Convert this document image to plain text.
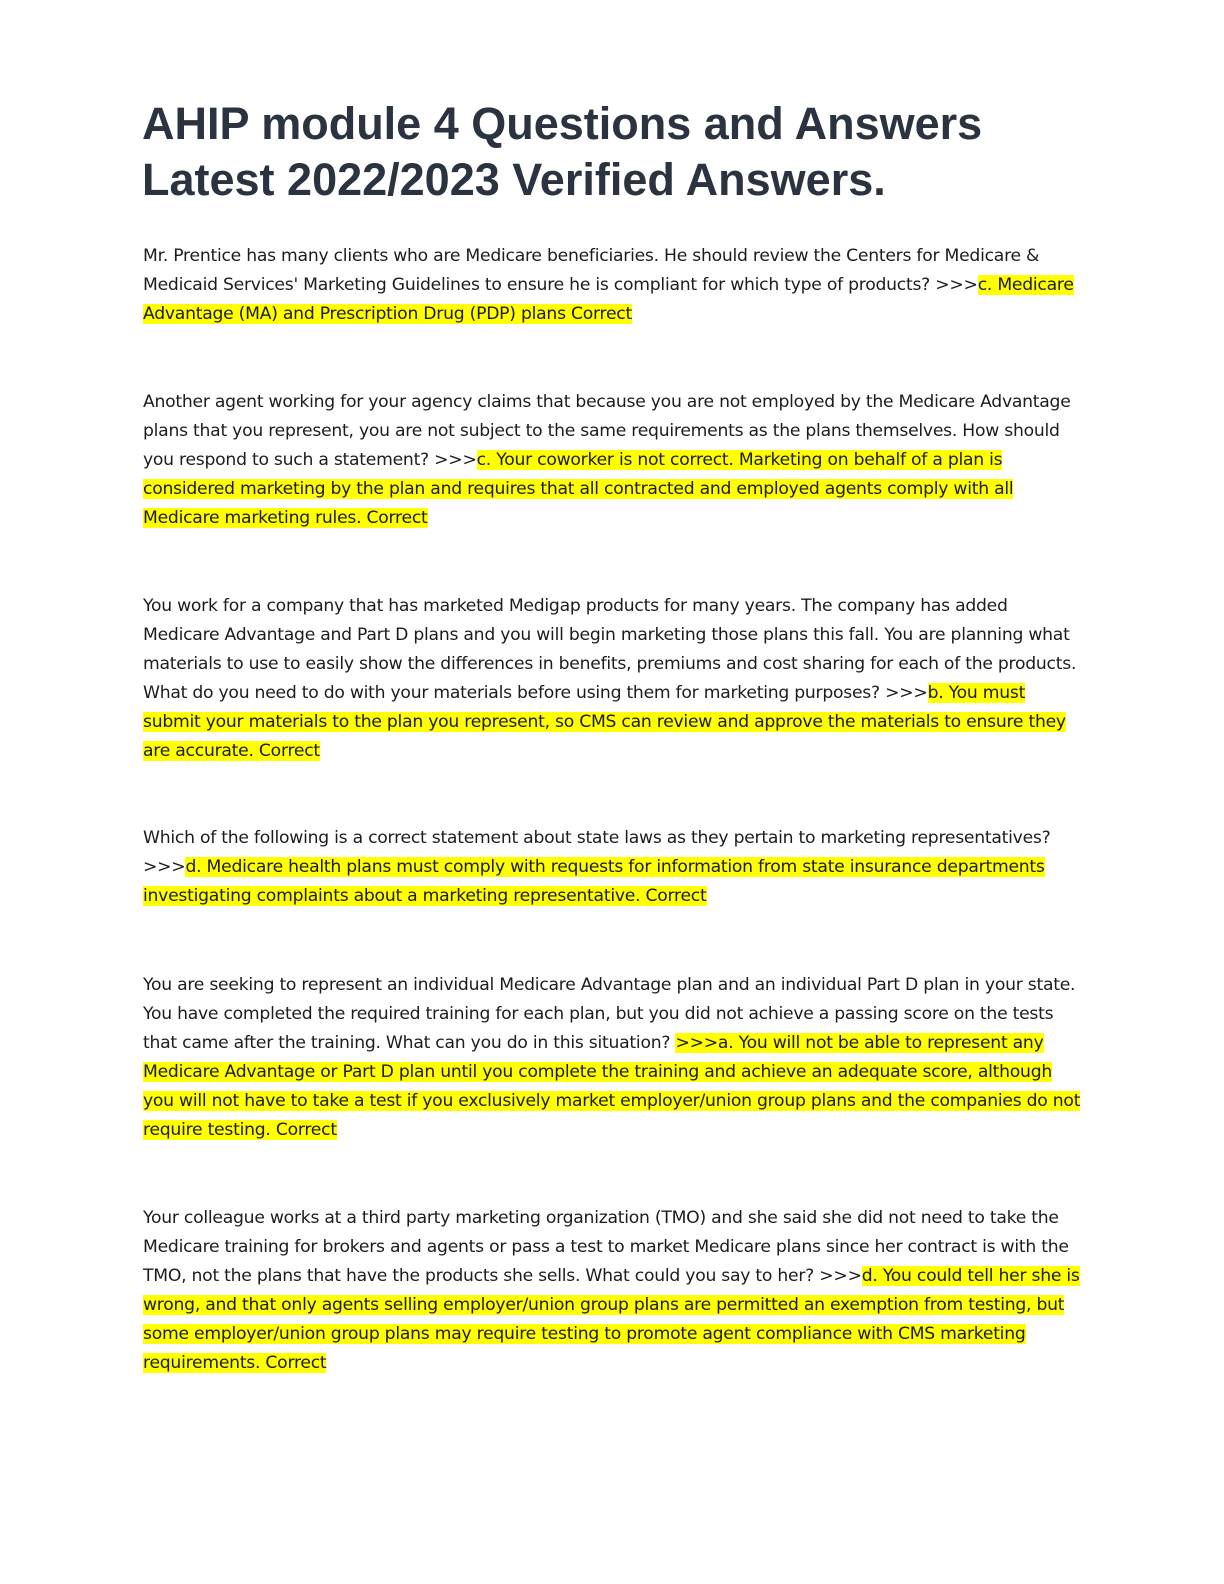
AHIP module 4 Questions and Answers Latest 2022/2023 Verified Answers.

Mr. Prentice has many clients who are Medicare beneficiaries. He should review the Centers for Medicare & Medicaid Services' Marketing Guidelines to ensure he is compliant for which type of products? >>>c. Medicare Advantage (MA) and Prescription Drug (PDP) plans Correct

Another agent working for your agency claims that because you are not employed by the Medicare Advantage plans that you represent, you are not subject to the same requirements as the plans themselves. How should you respond to such a statement? >>>c. Your coworker is not correct. Marketing on behalf of a plan is considered marketing by the plan and requires that all contracted and employed agents comply with all Medicare marketing rules. Correct

You work for a company that has marketed Medigap products for many years. The company has added Medicare Advantage and Part D plans and you will begin marketing those plans this fall. You are planning what materials to use to easily show the differences in benefits, premiums and cost sharing for each of the products. What do you need to do with your materials before using them for marketing purposes? >>>b. You must submit your materials to the plan you represent, so CMS can review and approve the materials to ensure they are accurate. Correct

Which of the following is a correct statement about state laws as they pertain to marketing representatives? >>>d. Medicare health plans must comply with requests for information from state insurance departments investigating complaints about a marketing representative. Correct

You are seeking to represent an individual Medicare Advantage plan and an individual Part D plan in your state. You have completed the required training for each plan, but you did not achieve a passing score on the tests that came after the training. What can you do in this situation? >>>a. You will not be able to represent any Medicare Advantage or Part D plan until you complete the training and achieve an adequate score, although you will not have to take a test if you exclusively market employer/union group plans and the companies do not require testing. Correct

Your colleague works at a third party marketing organization (TMO) and she said she did not need to take the Medicare training for brokers and agents or pass a test to market Medicare plans since her contract is with the TMO, not the plans that have the products she sells. What could you say to her? >>>d. You could tell her she is wrong, and that only agents selling employer/union group plans are permitted an exemption from testing, but some employer/union group plans may require testing to promote agent compliance with CMS marketing requirements. Correct
